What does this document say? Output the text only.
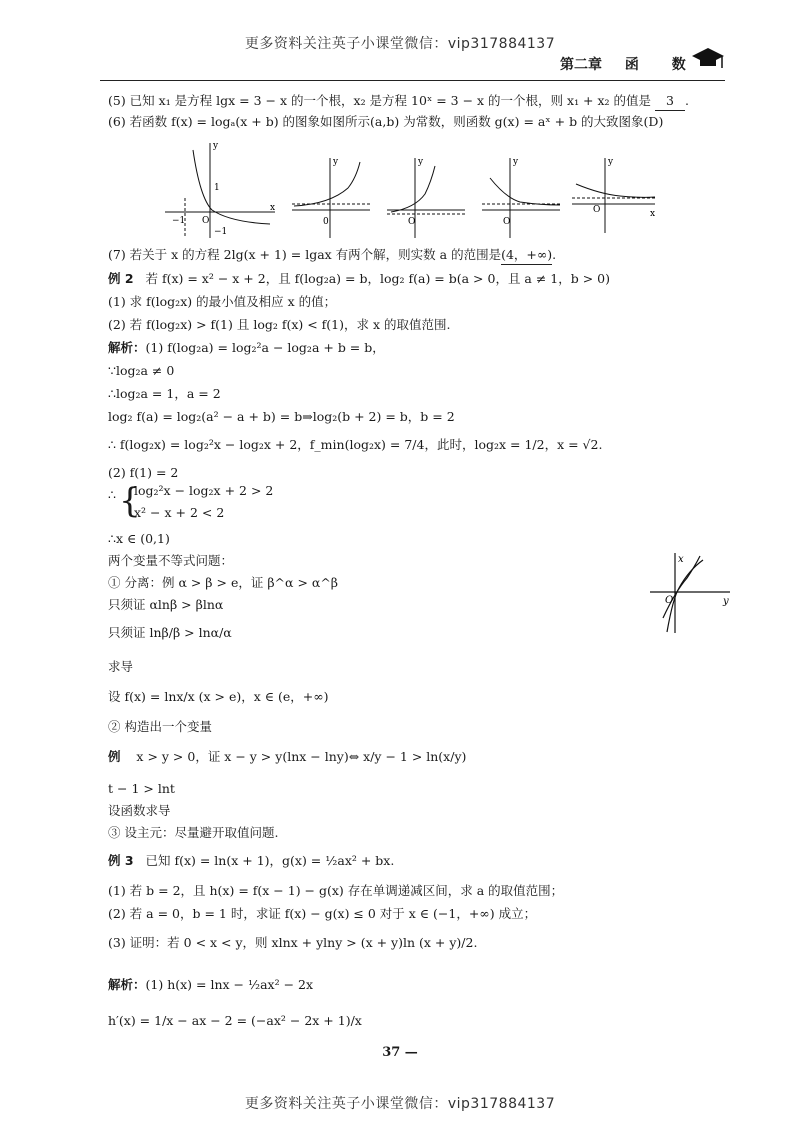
更多资料关注英子小课堂微信：vip317884137
第二章 函 数
(5) 已知 x₁ 是方程 lgx = 3 − x 的一个根，x₂ 是方程 10ˣ = 3 − x 的一个根，则 x₁ + x₂ 的值是 3 .
(6) 若函数 f(x) = logₐ(x + b) 的图象如图所示(a,b) 为常数，则函数 g(x) = aˣ + b 的大致图象(D)
y
x
O
1
−1
−1
y
0
y
O
y
O
y
O	x
(7) 若关于 x 的方程 2lg(x + 1) = lgax 有两个解，则实数 a 的范围是(4，+∞).
例 2 若 f(x) = x² − x + 2，且 f(log₂a) = b，log₂ f(a) = b(a > 0，且 a ≠ 1，b > 0)
(1) 求 f(log₂x) 的最小值及相应 x 的值；
(2) 若 f(log₂x) > f(1) 且 log₂ f(x) < f(1)，求 x 的取值范围.
解析：(1) f(log₂a) = log₂²a − log₂a + b = b，
∵log₂a ≠ 0
∴log₂a = 1，a = 2
log₂ f(a) = log₂(a² − a + b) = b⇒log₂(b + 2) = b，b = 2
∴ f(log₂x) = log₂²x − log₂x + 2，f_min(log₂x) = 7/4，此时，log₂x = 1/2，x = √2.
(2) f(1) = 2
∴ {
log₂²x − log₂x + 2 > 2
x² − x + 2 < 2
∴x ∈ (0,1)
两个变量不等式问题：
① 分离：例 α > β > e，证 β^α > α^β
只须证 αlnβ > βlnα
只须证 lnβ/β > lnα/α
求导
设 f(x) = lnx/x (x > e)，x ∈ (e，+∞)
② 构造出一个变量
例 x > y > 0，证 x − y > y(lnx − lny)⇔ x/y − 1 > ln(x/y)
t − 1 > lnt
设函数求导
③ 设主元：尽量避开取值问题.
例 3 已知 f(x) = ln(x + 1)，g(x) = ½ax² + bx.
(1) 若 b = 2，且 h(x) = f(x − 1) − g(x) 存在单调递减区间，求 a 的取值范围；
(2) 若 a = 0，b = 1 时，求证 f(x) − g(x) ≤ 0 对于 x ∈ (−1，+∞) 成立；
(3) 证明：若 0 < x < y，则 xlnx + ylny > (x + y)ln (x + y)/2.
解析：(1) h(x) = lnx − ½ax² − 2x
h′(x) = 1/x − ax − 2 = (−ax² − 2x + 1)/x
O
x
y
37 —
更多资料关注英子小课堂微信：vip317884137
